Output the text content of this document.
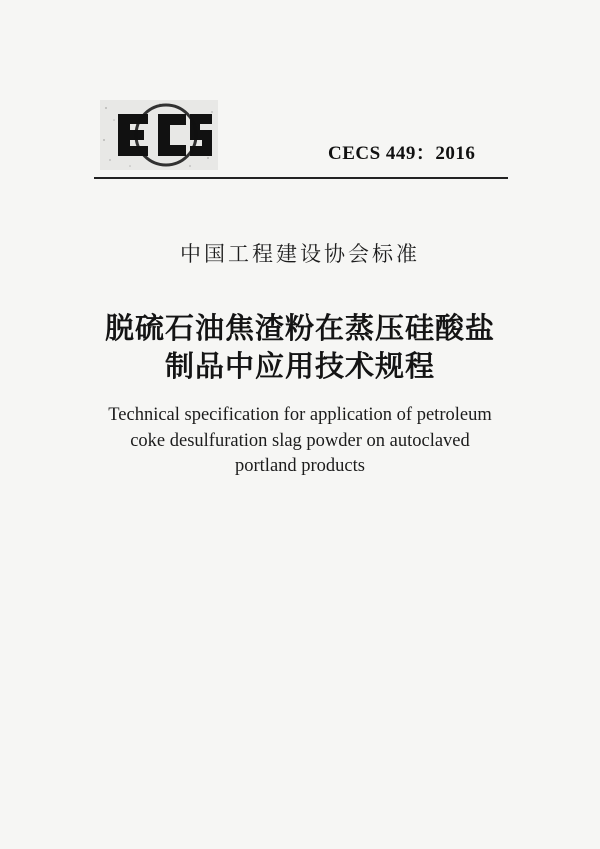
CECS 449：2016
中国工程建设协会标准
脱硫石油焦渣粉在蒸压硅酸盐
制品中应用技术规程
Technical specification for application of petroleum
coke desulfuration slag powder on autoclaved
portland products
